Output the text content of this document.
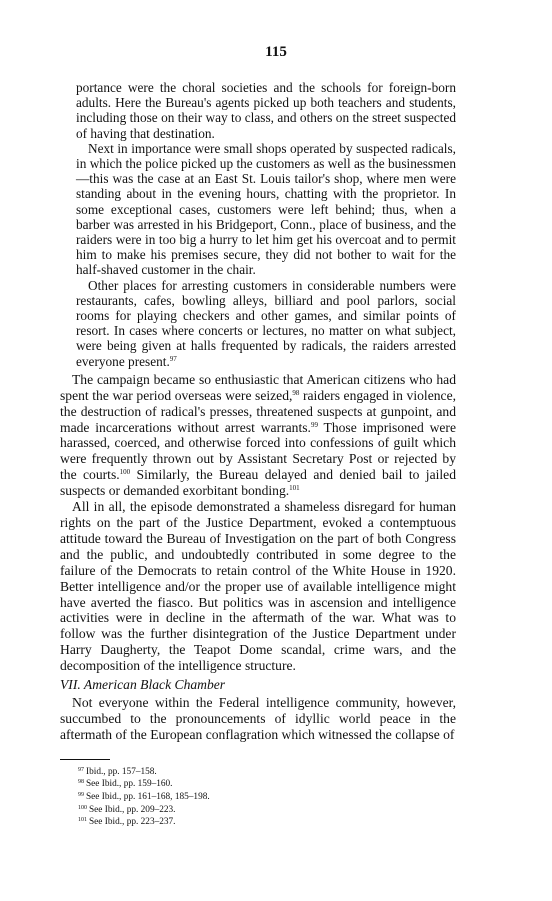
115

portance were the choral societies and the schools for foreign-born adults. Here the Bureau's agents picked up both teachers and students, including those on their way to class, and others on the street suspected of having that destination.

Next in importance were small shops operated by suspected radicals, in which the police picked up the customers as well as the businessmen—this was the case at an East St. Louis tailor's shop, where men were standing about in the evening hours, chatting with the proprietor. In some exceptional cases, customers were left behind; thus, when a barber was arrested in his Bridgeport, Conn., place of business, and the raiders were in too big a hurry to let him get his overcoat and to permit him to make his premises secure, they did not bother to wait for the half-shaved customer in the chair.

Other places for arresting customers in considerable numbers were restaurants, cafes, bowling alleys, billiard and pool parlors, social rooms for playing checkers and other games, and similar points of resort. In cases where concerts or lectures, no matter on what subject, were being given at halls frequented by radicals, the raiders arrested everyone present.$^{97}$

The campaign became so enthusiastic that American citizens who had spent the war period overseas were seized,$^{98}$ raiders engaged in violence, the destruction of radical's presses, threatened suspects at gunpoint, and made incarcerations without arrest warrants.$^{99}$ Those imprisoned were harassed, coerced, and otherwise forced into confessions of guilt which were frequently thrown out by Assistant Secretary Post or rejected by the courts.$^{100}$ Similarly, the Bureau delayed and denied bail to jailed suspects or demanded exorbitant bonding.$^{101}$

All in all, the episode demonstrated a shameless disregard for human rights on the part of the Justice Department, evoked a contemptuous attitude toward the Bureau of Investigation on the part of both Congress and the public, and undoubtedly contributed in some degree to the failure of the Democrats to retain control of the White House in 1920. Better intelligence and/or the proper use of available intelligence might have averted the fiasco. But politics was in ascension and intelligence activities were in decline in the aftermath of the war. What was to follow was the further disintegration of the Justice Department under Harry Daugherty, the Teapot Dome scandal, crime wars, and the decomposition of the intelligence structure.

VII. American Black Chamber

Not everyone within the Federal intelligence community, however, succumbed to the pronouncements of idyllic world peace in the aftermath of the European conflagration which witnessed the collapse of

$^{97}$ Ibid., pp. 157–158.
$^{98}$ See Ibid., pp. 159–160.
$^{99}$ See Ibid., pp. 161–168, 185–198.
$^{100}$ See Ibid., pp. 209–223.
$^{101}$ See Ibid., pp. 223–237.
